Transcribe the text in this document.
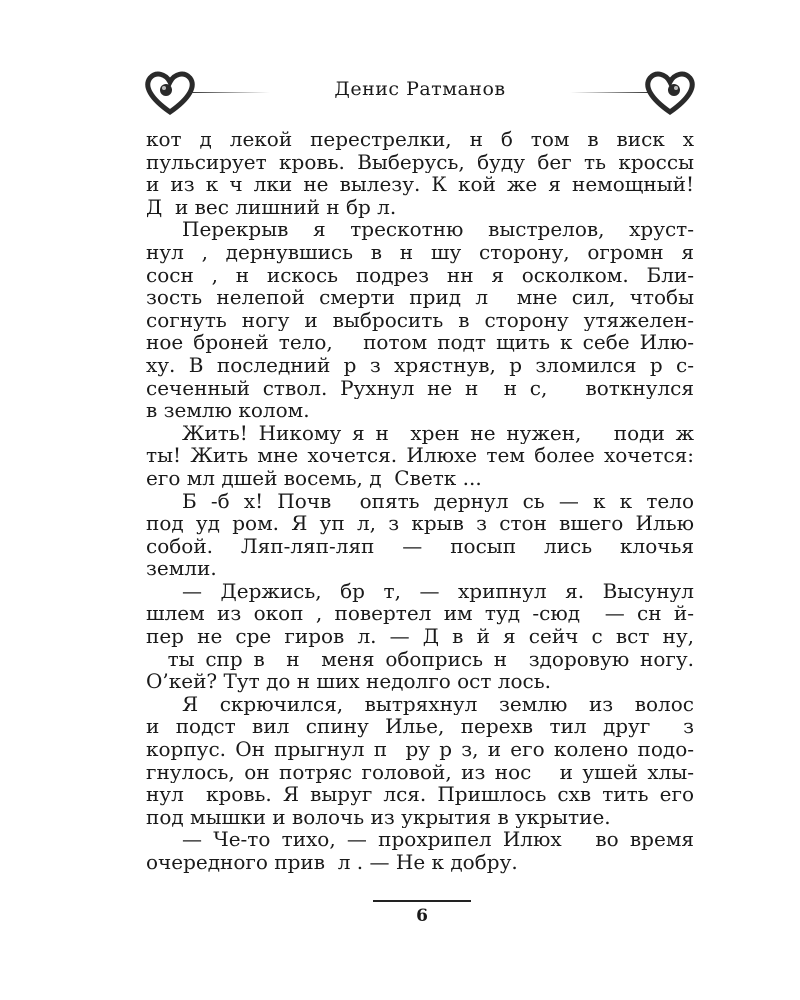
Денис Ратманов
кот д лекой перестрелки, н б том в виск х
пульсирует кровь. Выберусь, буду бег ть кроссы
и из к ч лки не вылезу. К кой же я немощный!
Д  и вес лишний н бр л.
Перекрыв я трескотню выстрелов, хруст-
нул , дернувшись в н шу сторону, огромн я
сосн , н искось подрез нн я осколком. Бли-
зость нелепой смерти прид л  мне сил, чтобы
согнуть ногу и выбросить в сторону утяжелен-
ное броней тело,   потом подт щить к себе Илю-
ху. В последний р з хрястнув, р зломился р с-
сеченный ствол. Рухнул не н  н с,   воткнулся
в землю колом.
Жить! Никому я н  хрен не нужен,   поди ж
ты! Жить мне хочется. Илюхе тем более хочется:
его мл дшей восемь, д  Светк ...
Б -б х! Почв  опять дернул сь — к к тело
под уд ром. Я уп л, з крыв з стон вшего Илью
собой. Ляп-ляп-ляп — посып лись клочья
земли.
— Держись, бр т, — хрипнул я. Высунул
шлем из окоп , повертел им туд -сюд  — сн й-
пер не сре гиров л. — Д в й я сейч с вст ну,
ты спр в  н  меня обопрись н  здоровую ногу.
О’кей? Тут до н ших недолго ост лось.
Я скрючился, вытряхнул землю из волос
и подст вил спину Илье, перехв тил друг  з
корпус. Он прыгнул п  ру р з, и его колено подо-
гнулось, он потряс головой, из нос   и ушей хлы-
нул  кровь. Я выруг лся. Пришлось схв тить его
под мышки и волочь из укрытия в укрытие.
— Че-то тихо, — прохрипел Илюх   во время
очередного прив  л . — Не к добру.
6
